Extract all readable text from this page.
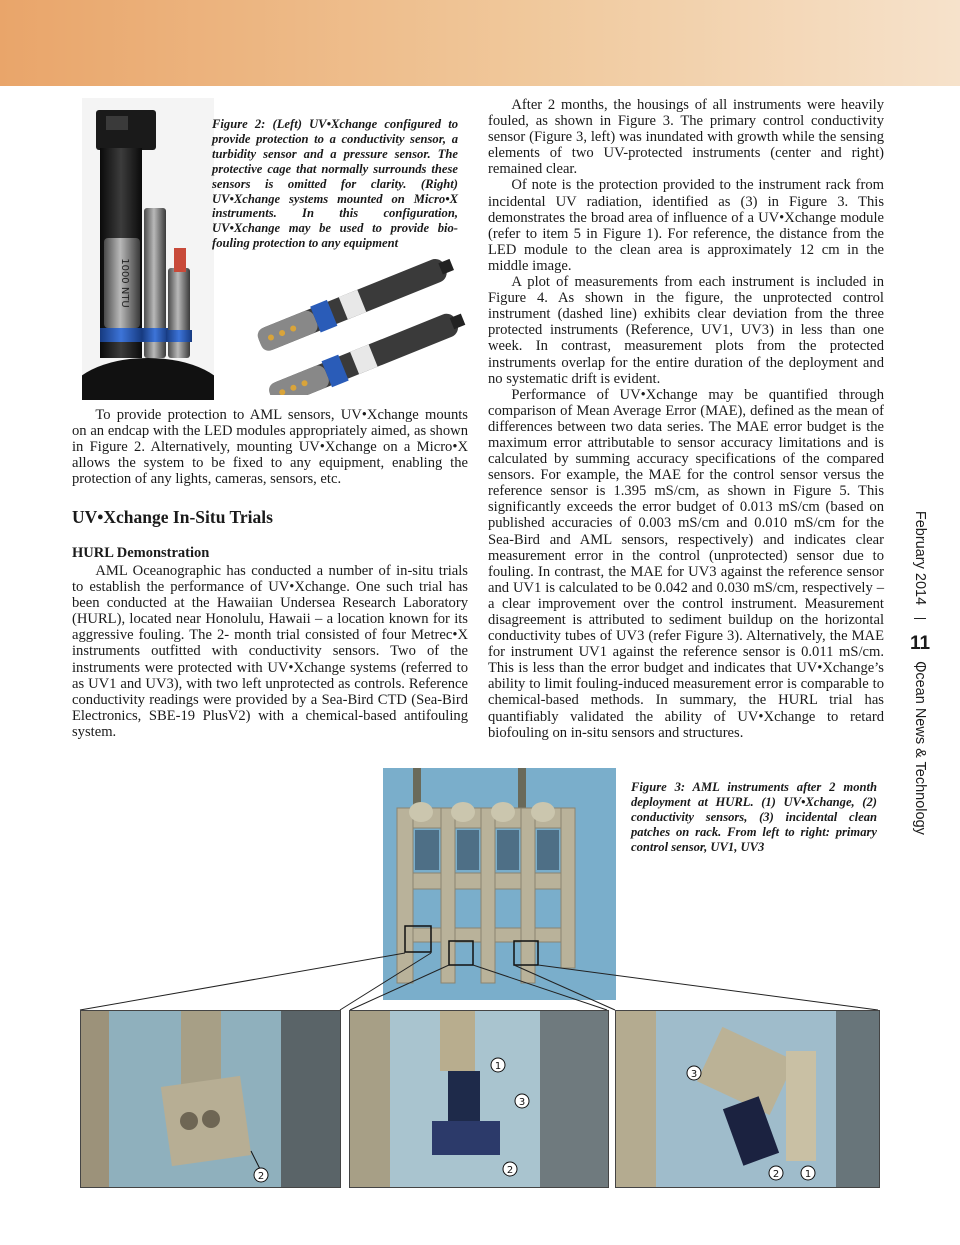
1000 NTU
Figure 2: (Left) UV•Xchange configured to provide protection to a conductivity sensor, a turbidity sensor and a pressure sensor. The protective cage that normally surrounds these sensors is omitted for clarity. (Right) UV•Xchange systems mounted on Micro•X instruments. In this configuration, UV•Xchange may be used to provide bio-fouling protection to any equipment

To provide protection to AML sensors, UV•Xchange mounts on an endcap with the LED modules appropriately aimed, as shown in Figure 2. Alternatively, mounting UV•Xchange on a Micro•X allows the system to be fixed to any equipment, enabling the protection of any lights, cameras, sensors, etc.

UV•Xchange In-Situ Trials
HURL Demonstration

AML Oceanographic has conducted a number of in-situ trials to establish the performance of UV•Xchange. One such trial has been conducted at the Hawaiian Undersea Research Laboratory (HURL), located near Honolulu, Hawaii – a location known for its aggressive fouling. The 2- month trial consisted of four Metrec•X instruments outfitted with conductivity sensors. Two of the instruments were protected with UV•Xchange systems (referred to as UV1 and UV3), with two left unprotected as controls. Reference conductivity readings were provided by a Sea-Bird CTD (Sea-Bird Electronics, SBE-19 PlusV2) with a chemical-based antifouling system.

After 2 months, the housings of all instruments were heavily fouled, as shown in Figure 3. The primary control conductivity sensor (Figure 3, left) was inundated with growth while the sensing elements of two UV-protected instruments (center and right) remained clear.

Of note is the protection provided to the instrument rack from incidental UV radiation, identified as (3) in Figure 3. This demonstrates the broad area of influence of a UV•Xchange module (refer to item 5 in Figure 1). For reference, the distance from the LED module to the clean area is approximately 12 cm in the middle image.

A plot of measurements from each instrument is included in Figure 4. As shown in the figure, the unprotected control instrument (dashed line) exhibits clear deviation from the three protected instruments (Reference, UV1, UV3) in less than one week. In contrast, measurement plots from the protected instruments overlap for the entire duration of the deployment and no systematic drift is evident.

Performance of UV•Xchange may be quantified through comparison of Mean Average Error (MAE), defined as the mean of differences between two data series. The MAE error budget is the maximum error attributable to sensor accuracy limitations and is calculated by summing accuracy specifications of the compared sensors. For example, the MAE for the control sensor versus the reference sensor is 1.395 mS/cm, as shown in Figure 5. This significantly exceeds the error budget of 0.013 mS/cm (based on published accuracies of 0.003 mS/cm and 0.010 mS/cm for the Sea-Bird and AML sensors, respectively) and indicates clear measurement error in the control (unprotected) sensor due to fouling. In contrast, the MAE for UV3 against the reference sensor and UV1 is calculated to be 0.042 and 0.030 mS/cm, respectively – a clear improvement over the control instrument. Measurement disagreement is attributed to sediment buildup on the horizontal conductivity tubes of UV3 (refer Figure 3). Alternatively, the MAE for instrument UV1 against the reference sensor is 0.011 mS/cm. This is less than the error budget and indicates that UV•Xchange’s ability to limit fouling-induced measurement error is comparable to chemical-based methods. In summary, the HURL trial has quantifiably validated the ability of UV•Xchange to retard biofouling on in-situ sensors and structures.

February 2014
11
Ocean News & Technology
Figure 3: AML instruments after 2 month deployment at HURL. (1) UV•Xchange, (2) conductivity sensors, (3) incidental clean patches on rack. From left to right: primary control sensor, UV1, UV3
2
1
3
2
3
2	1
